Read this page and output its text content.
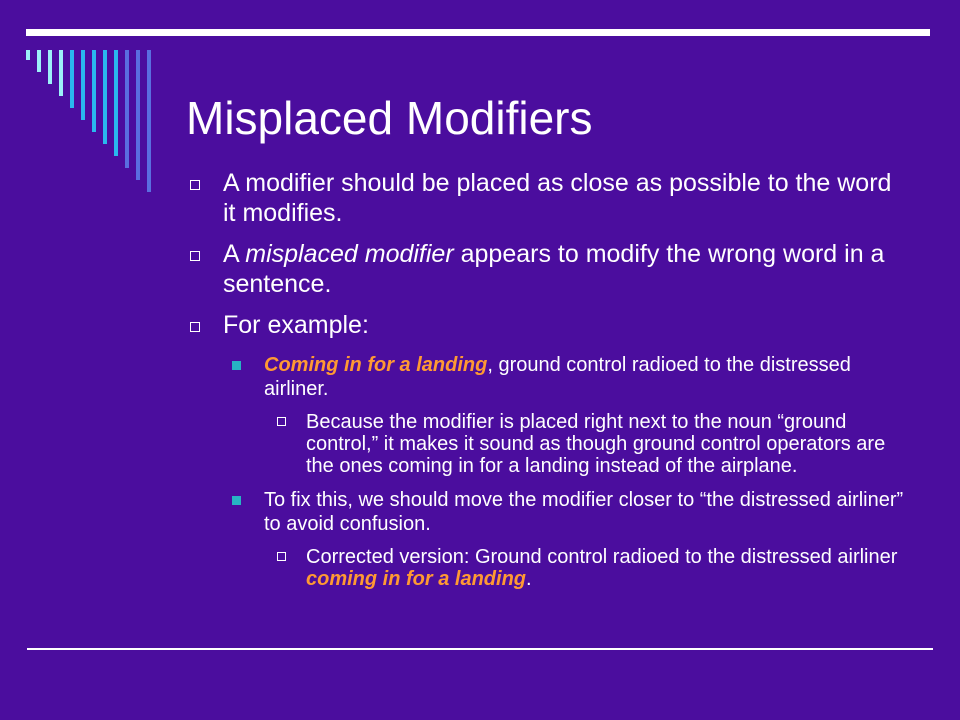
Misplaced Modifiers
A modifier should be placed as close as possible to the word it modifies.
A misplaced modifier appears to modify the wrong word in a sentence.
For example:
Coming in for a landing, ground control radioed to the distressed airliner.
Because the modifier is placed right next to the noun “ground control,” it makes it sound as though ground control operators are the ones coming in for a landing instead of the airplane.
To fix this, we should move the modifier closer to “the distressed airliner” to avoid confusion.
Corrected version: Ground control radioed to the distressed airliner coming in for a landing.
